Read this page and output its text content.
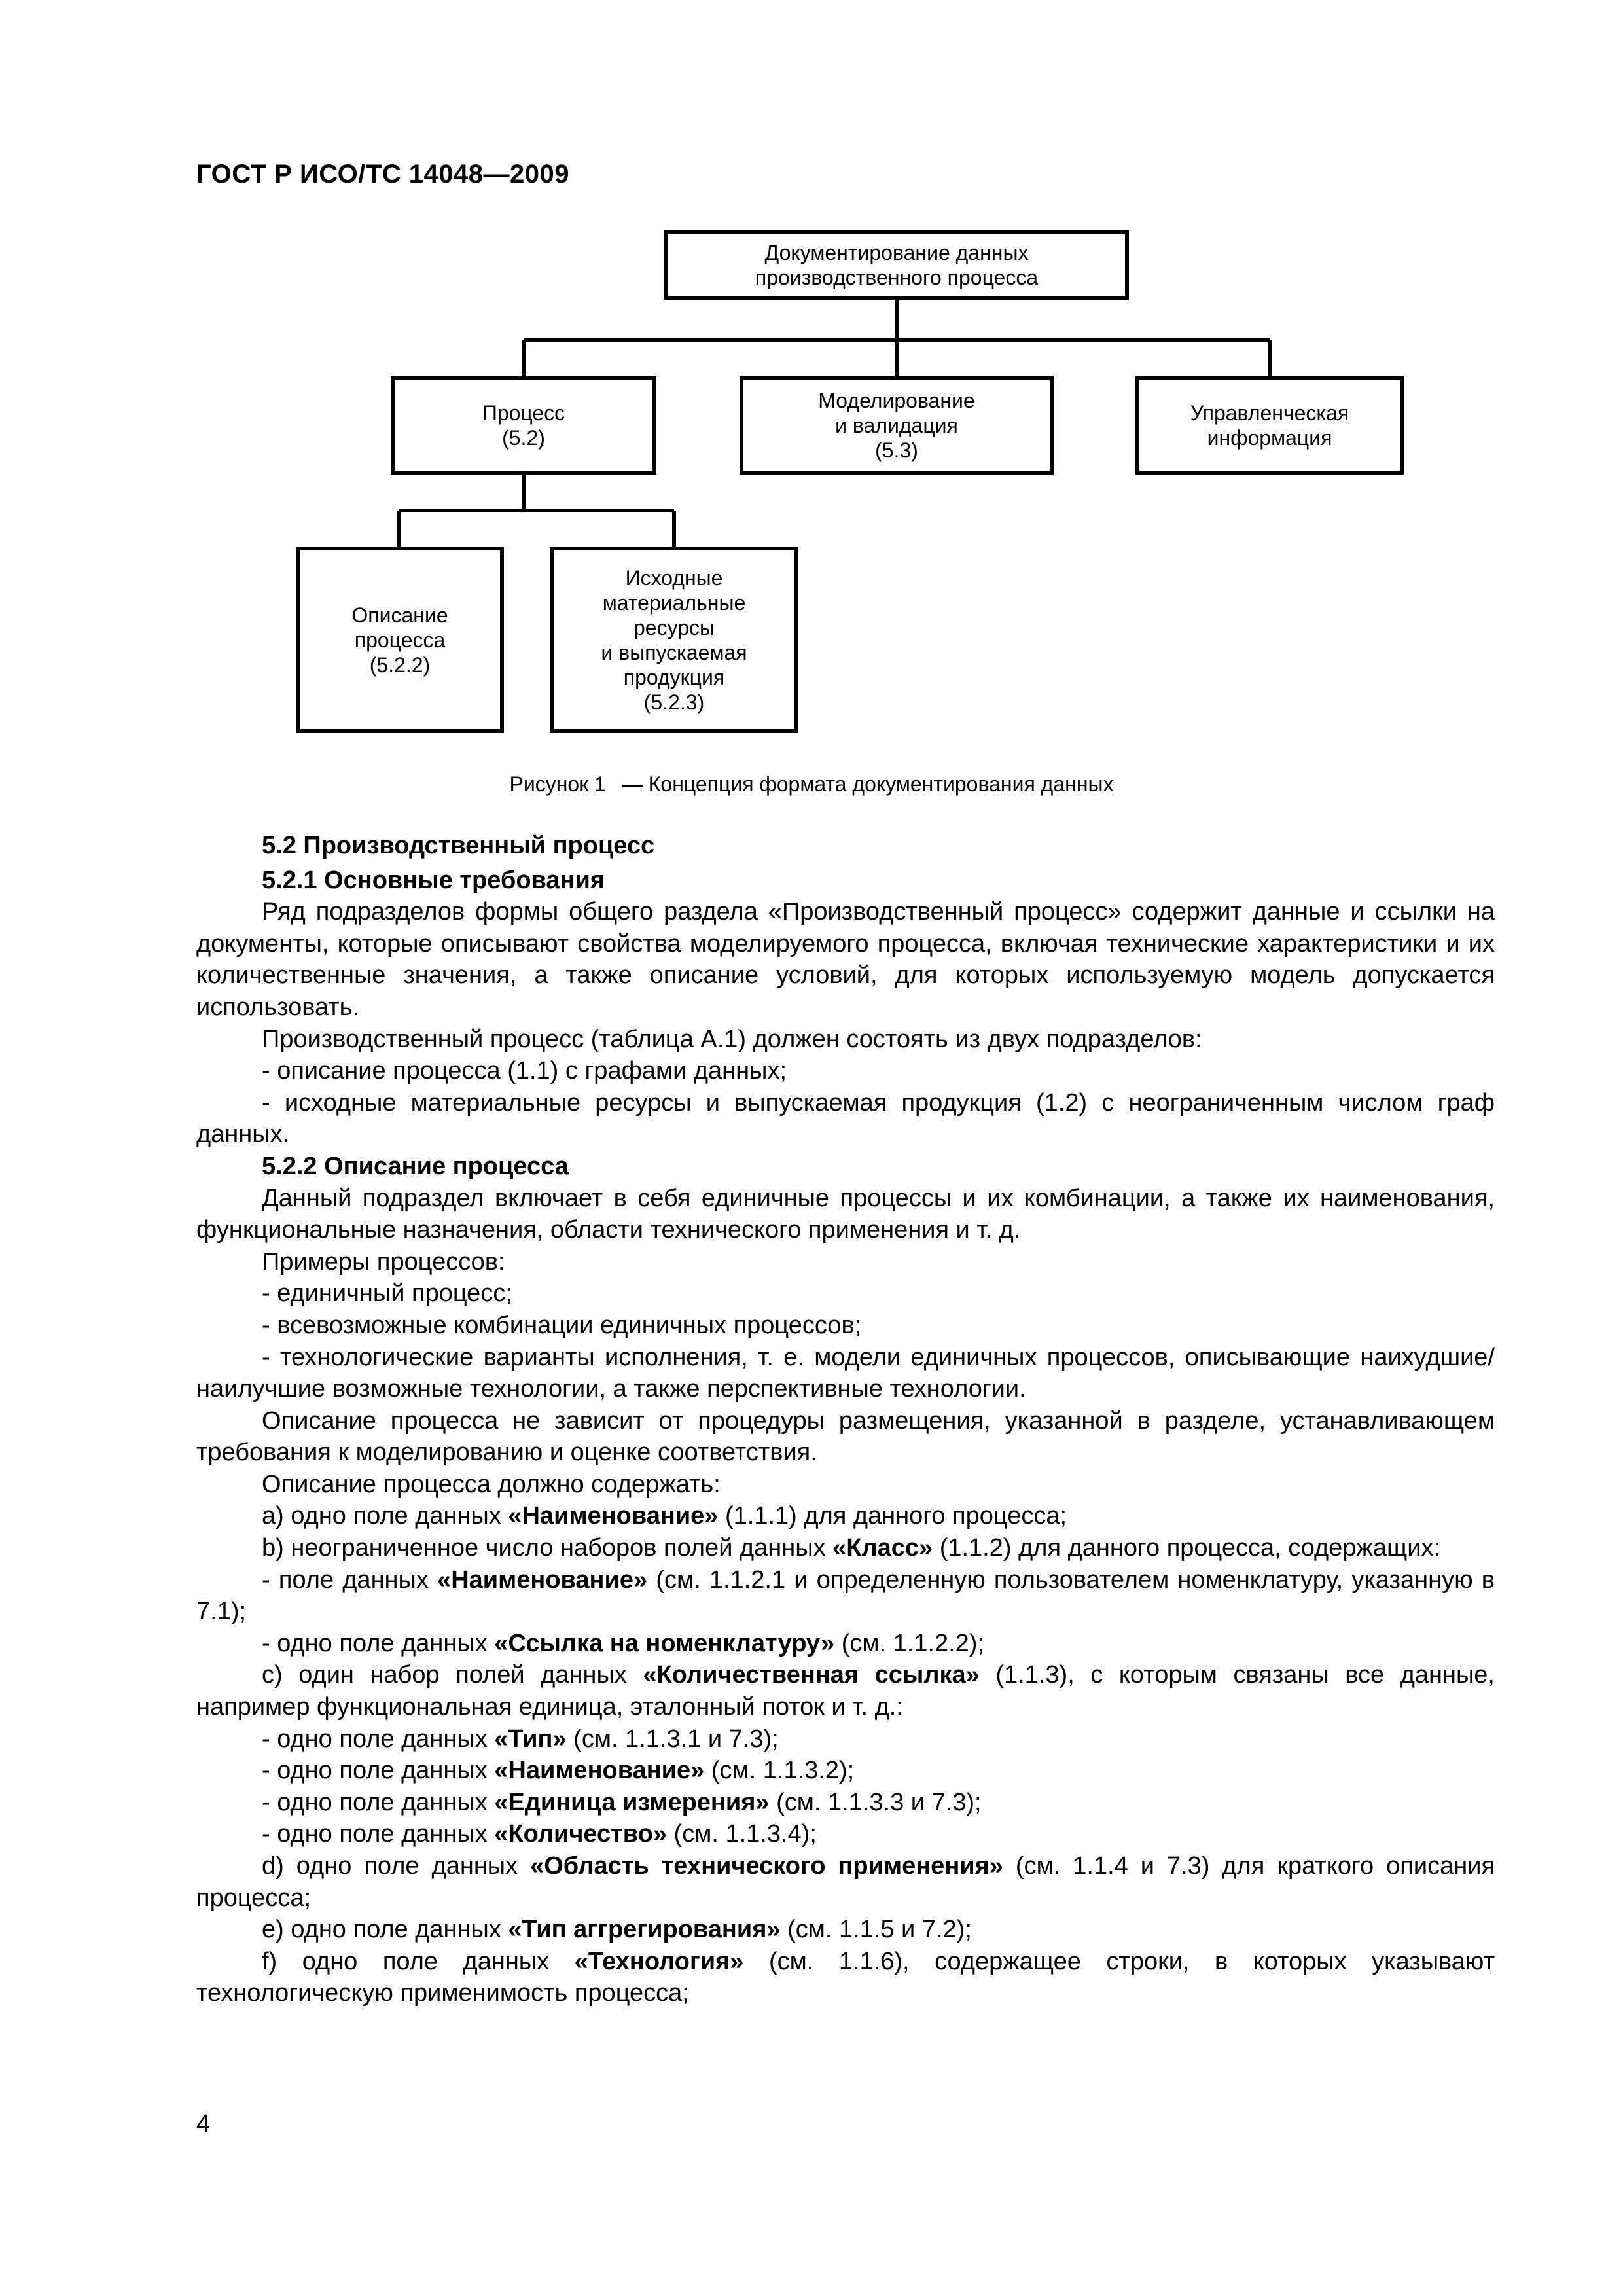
ГОСТ Р ИСО/ТС 14048—2009
Документирование данных
производственного процесса
Процесс
(5.2)
Моделирование
и валидация
(5.3)
Управленческая
информация
Описание
процесса
(5.2.2)
Исходные
материальные
ресурсы
и выпускаемая
продукция
(5.2.3)
Рисунок 1 — Концепция формата документирования данных

5.2 Производственный процесс

5.2.1 Основные требования

Ряд подразделов формы общего раздела «Производственный процесс» содержит данные и ссылки на документы, которые описывают свойства моделируемого процесса, включая технические характеристики и их количественные значения, а также описание условий, для которых используемую модель допускается использовать.

Производственный процесс (таблица А.1) должен состоять из двух подразделов:

- описание процесса (1.1) с графами данных;

- исходные материальные ресурсы и выпускаемая продукция (1.2) с неограниченным числом граф данных.

5.2.2 Описание процесса

Данный подраздел включает в себя единичные процессы и их комбинации, а также их наименования, функциональные назначения, области технического применения и т. д.

Примеры процессов:

- единичный процесс;

- всевозможные комбинации единичных процессов;

- технологические варианты исполнения, т. е. модели единичных процессов, описывающие наихудшие/наилучшие возможные технологии, а также перспективные технологии.

Описание процесса не зависит от процедуры размещения, указанной в разделе, устанавливающем требования к моделированию и оценке соответствия.

Описание процесса должно содержать:

a) одно поле данных «Наименование» (1.1.1) для данного процесса;

b) неограниченное число наборов полей данных «Класс» (1.1.2) для данного процесса, содержащих:

- поле данных «Наименование» (см. 1.1.2.1 и определенную пользователем номенклатуру, указанную в 7.1);

- одно поле данных «Ссылка на номенклатуру» (см. 1.1.2.2);

c) один набор полей данных «Количественная ссылка» (1.1.3), с которым связаны все данные, например функциональная единица, эталонный поток и т. д.:

- одно поле данных «Тип» (см. 1.1.3.1 и 7.3);

- одно поле данных «Наименование» (см. 1.1.3.2);

- одно поле данных «Единица измерения» (см. 1.1.3.3 и 7.3);

- одно поле данных «Количество» (см. 1.1.3.4);

d) одно поле данных «Область технического применения» (см. 1.1.4 и 7.3) для краткого описания процесса;

e) одно поле данных «Тип аггрегирования» (см. 1.1.5 и 7.2);

f) одно поле данных «Технология» (см. 1.1.6), содержащее строки, в которых указывают технологическую применимость процесса;

4
